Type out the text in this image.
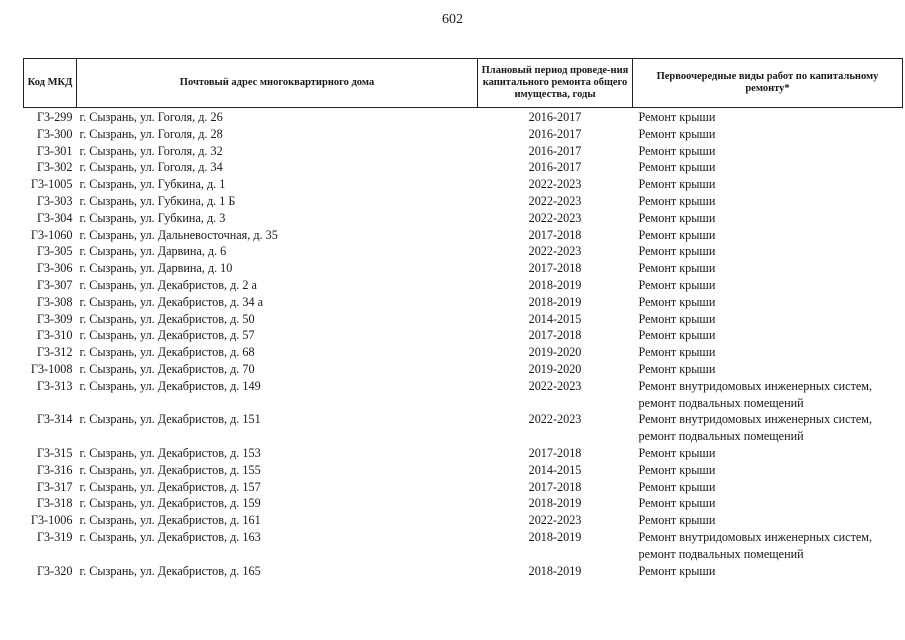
602
Код МКД	Почтовый адрес многоквартирного дома	Плановый период проведе-ния капитального ремонта общего имущества, годы	Первоочередные виды работ по капитальному ремонту*
Г3-299	г. Сызрань, ул. Гоголя, д. 26	2016-2017	Ремонт крыши

Г3-300	г. Сызрань, ул. Гоголя, д. 28	2016-2017	Ремонт крыши

Г3-301	г. Сызрань, ул. Гоголя, д. 32	2016-2017	Ремонт крыши

Г3-302	г. Сызрань, ул. Гоголя, д. 34	2016-2017	Ремонт крыши

Г3-1005	г. Сызрань, ул. Губкина, д. 1	2022-2023	Ремонт крыши

Г3-303	г. Сызрань, ул. Губкина, д. 1 Б	2022-2023	Ремонт крыши

Г3-304	г. Сызрань, ул. Губкина, д. 3	2022-2023	Ремонт крыши

Г3-1060	г. Сызрань, ул. Дальневосточная, д. 35	2017-2018	Ремонт крыши

Г3-305	г. Сызрань, ул. Дарвина, д. 6	2022-2023	Ремонт крыши

Г3-306	г. Сызрань, ул. Дарвина, д. 10	2017-2018	Ремонт крыши

Г3-307	г. Сызрань, ул. Декабристов, д. 2 а	2018-2019	Ремонт крыши

Г3-308	г. Сызрань, ул. Декабристов, д. 34 а	2018-2019	Ремонт крыши

Г3-309	г. Сызрань, ул. Декабристов, д. 50	2014-2015	Ремонт крыши

Г3-310	г. Сызрань, ул. Декабристов, д. 57	2017-2018	Ремонт крыши

Г3-312	г. Сызрань, ул. Декабристов, д. 68	2019-2020	Ремонт крыши

Г3-1008	г. Сызрань, ул. Декабристов, д. 70	2019-2020	Ремонт крыши

Г3-313	г. Сызрань, ул. Декабристов, д. 149	2022-2023	Ремонт внутридомовых инженерных систем,
ремонт подвальных помещений

Г3-314	г. Сызрань, ул. Декабристов, д. 151	2022-2023	Ремонт внутридомовых инженерных систем,
ремонт подвальных помещений

Г3-315	г. Сызрань, ул. Декабристов, д. 153	2017-2018	Ремонт крыши

Г3-316	г. Сызрань, ул. Декабристов, д. 155	2014-2015	Ремонт крыши

Г3-317	г. Сызрань, ул. Декабристов, д. 157	2017-2018	Ремонт крыши

Г3-318	г. Сызрань, ул. Декабристов, д. 159	2018-2019	Ремонт крыши

Г3-1006	г. Сызрань, ул. Декабристов, д. 161	2022-2023	Ремонт крыши

Г3-319	г. Сызрань, ул. Декабристов, д. 163	2018-2019	Ремонт внутридомовых инженерных систем,
ремонт подвальных помещений

Г3-320	г. Сызрань, ул. Декабристов, д. 165	2018-2019	Ремонт крыши
